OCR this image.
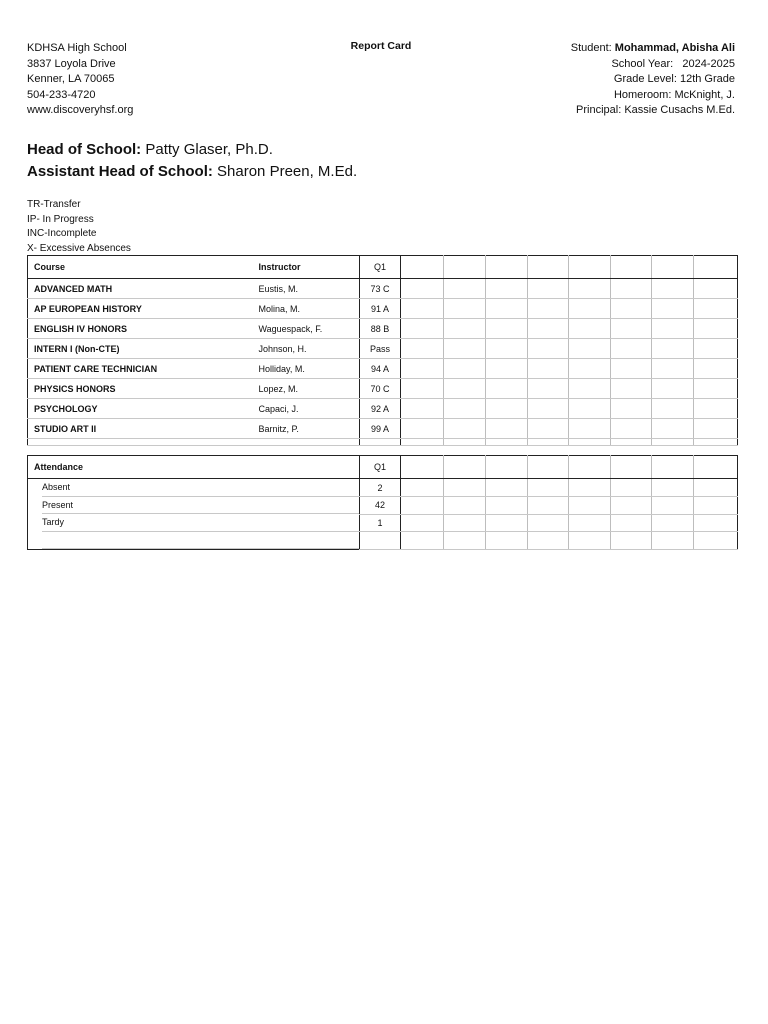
KDHSA High School
3837 Loyola Drive
Kenner, LA 70065
504-233-4720
www.discoveryhsf.org
Report Card	Student: Mohammad, Abisha Ali
School Year: 2024-2025
Grade Level: 12th Grade
Homeroom: McKnight, J.
Principal: Kassie Cusachs M.Ed.
Head of School: Patty Glaser, Ph.D.
Assistant Head of School: Sharon Preen, M.Ed.
TR-Transfer
IP- In Progress
INC-Incomplete
X- Excessive Absences
Course	Instructor	Q1								
ADVANCED MATH	Eustis, M.	73 C								
AP EUROPEAN HISTORY	Molina, M.	91 A								
ENGLISH IV HONORS	Waguespack, F.	88 B								
INTERN I (Non-CTE)	Johnson, H.	Pass								
PATIENT CARE TECHNICIAN	Holliday, M.	94 A								
PHYSICS HONORS	Lopez, M.	70 C								
PSYCHOLOGY	Capaci, J.	92 A								
STUDIO ART II	Barnitz, P.	99 A								

Attendance	Q1								

Absent	2								

Present	42								

Tardy	1								
